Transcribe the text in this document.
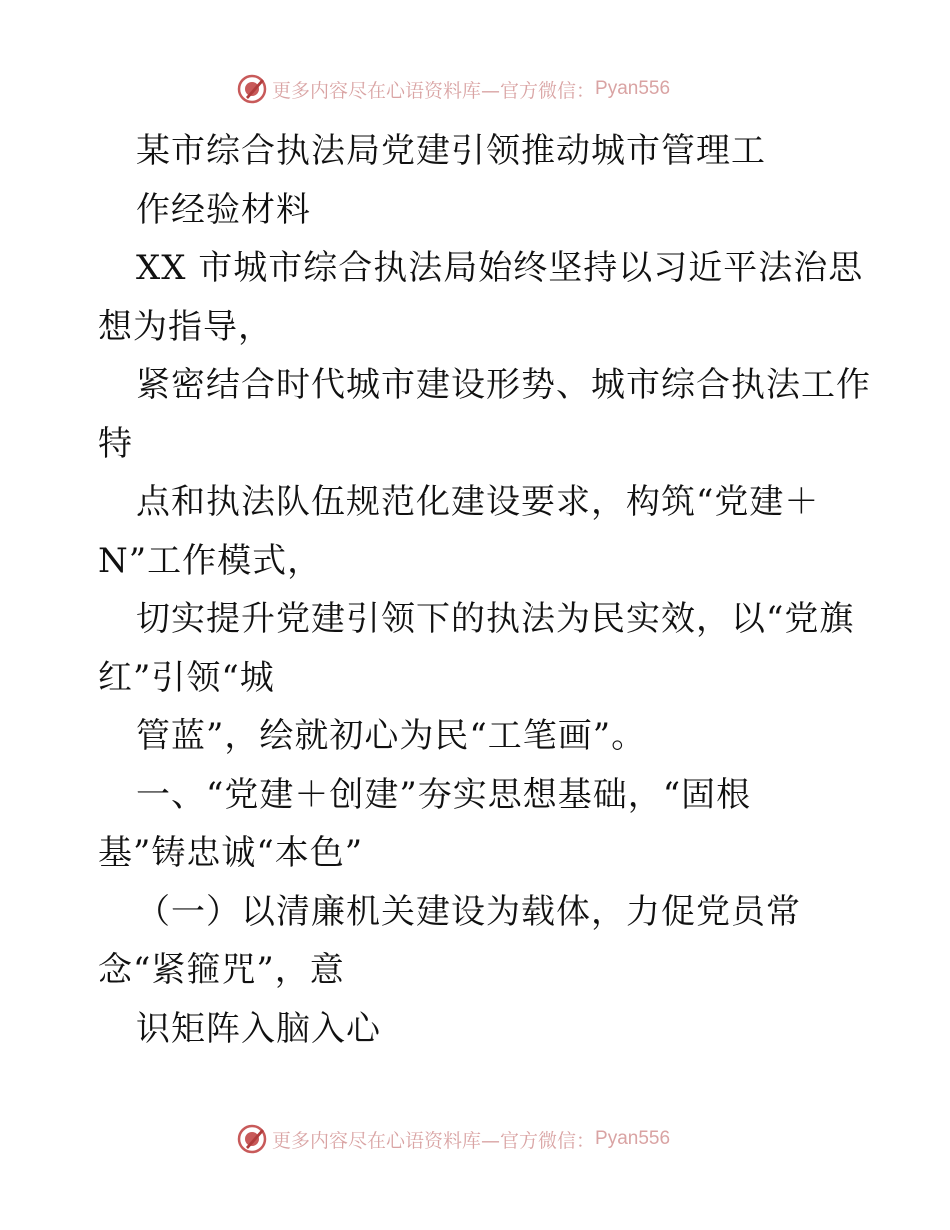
更多内容尽在心语资料库—官方微信： Pyan556
某市综合执法局党建引领推动城市管理工
作经验材料
XX 市城市综合执法局始终坚持以习近平法治思
想为指导，
紧密结合时代城市建设形势、城市综合执法工作
特
点和执法队伍规范化建设要求，构筑“党建＋
N”工作模式，
切实提升党建引领下的执法为民实效，以“党旗
红”引领“城
管蓝”，绘就初心为民“工笔画”。
一、“党建＋创建”夯实思想基础，“固根
基”铸忠诚“本色”
（一）以清廉机关建设为载体，力促党员常
念“紧箍咒”，意
识矩阵入脑入心
更多内容尽在心语资料库—官方微信： Pyan556
